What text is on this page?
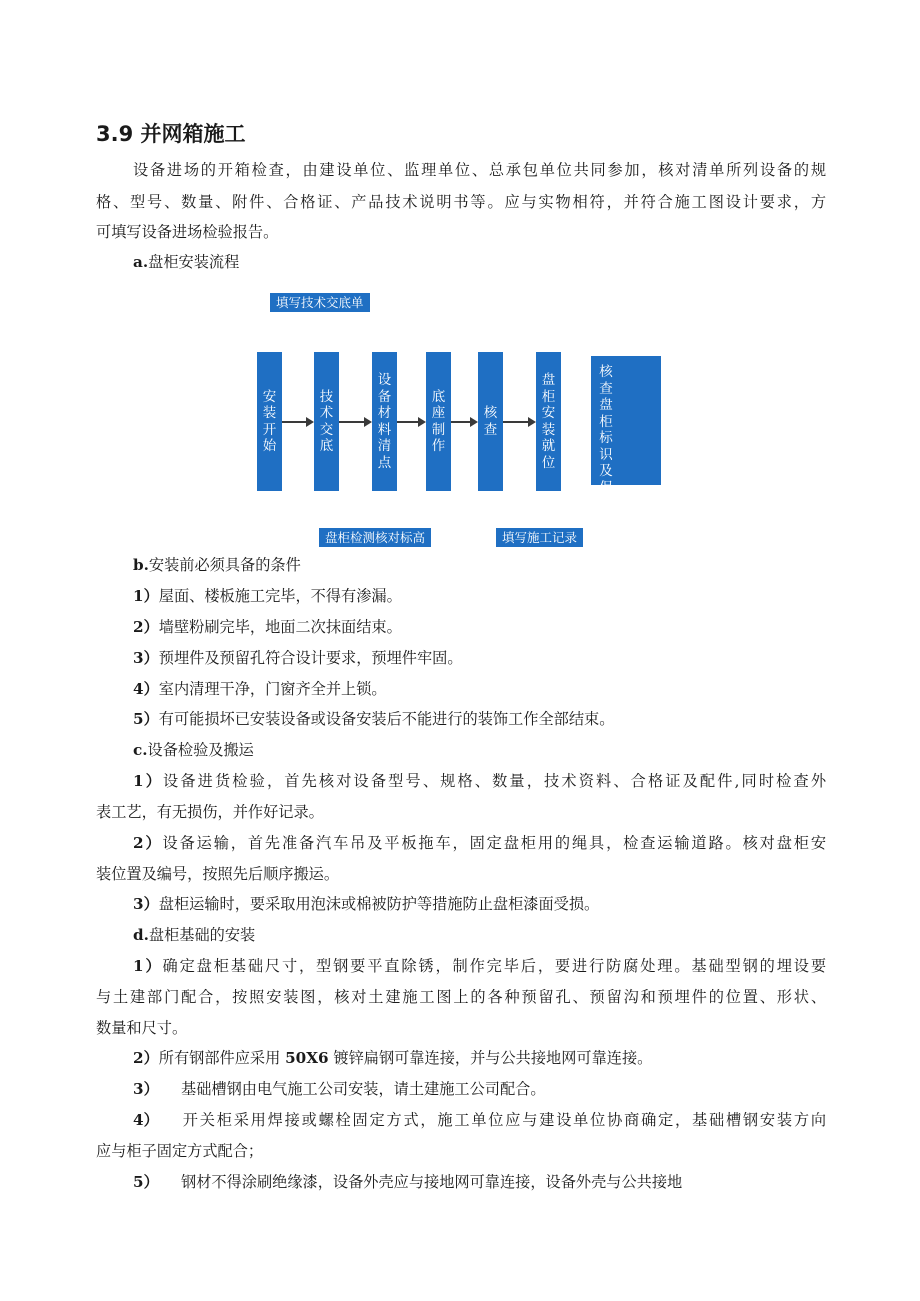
3.9 并网箱施工
设备进场的开箱检查，由建设单位、监理单位、总承包单位共同参加，核对清单所列设备的规
格、型号、数量、附件、合格证、产品技术说明书等。应与实物相符，并符合施工图设计要求，方
可填写设备进场检验报告。
a.盘柜安装流程
填写技术交底单
安装开始
技术交底
设备材料清点
底座制作
核查
盘柜安装就位
核查盘柜标识及保
盘柜检测核对标高	填写施工记录
b.安装前必须具备的条件
1）屋面、楼板施工完毕，不得有渗漏。
2）墙壁粉刷完毕，地面二次抹面结束。
3）预埋件及预留孔符合设计要求，预埋件牢固。
4）室内清理干净，门窗齐全并上锁。
5）有可能损坏已安装设备或设备安装后不能进行的装饰工作全部结束。
c.设备检验及搬运
1）设备进货检验，首先核对设备型号、规格、数量，技术资料、合格证及配件,同时检查外
表工艺，有无损伤，并作好记录。
2）设备运输，首先准备汽车吊及平板拖车，固定盘柜用的绳具，检查运输道路。核对盘柜安
装位置及编号，按照先后顺序搬运。
3）盘柜运输时，要采取用泡沫或棉被防护等措施防止盘柜漆面受损。
d.盘柜基础的安装
1）确定盘柜基础尺寸，型钢要平直除锈，制作完毕后，要进行防腐处理。基础型钢的埋设要
与土建部门配合，按照安装图，核对土建施工图上的各种预留孔、预留沟和预埋件的位置、形状、
数量和尺寸。
2）所有钢部件应采用 50X6 镀锌扁钢可靠连接，并与公共接地网可靠连接。
3） 基础槽钢由电气施工公司安装，请土建施工公司配合。
4） 开关柜采用焊接或螺栓固定方式，施工单位应与建设单位协商确定，基础槽钢安装方向
应与柜子固定方式配合；
5） 钢材不得涂刷绝缘漆，设备外壳应与接地网可靠连接，设备外壳与公共接地
